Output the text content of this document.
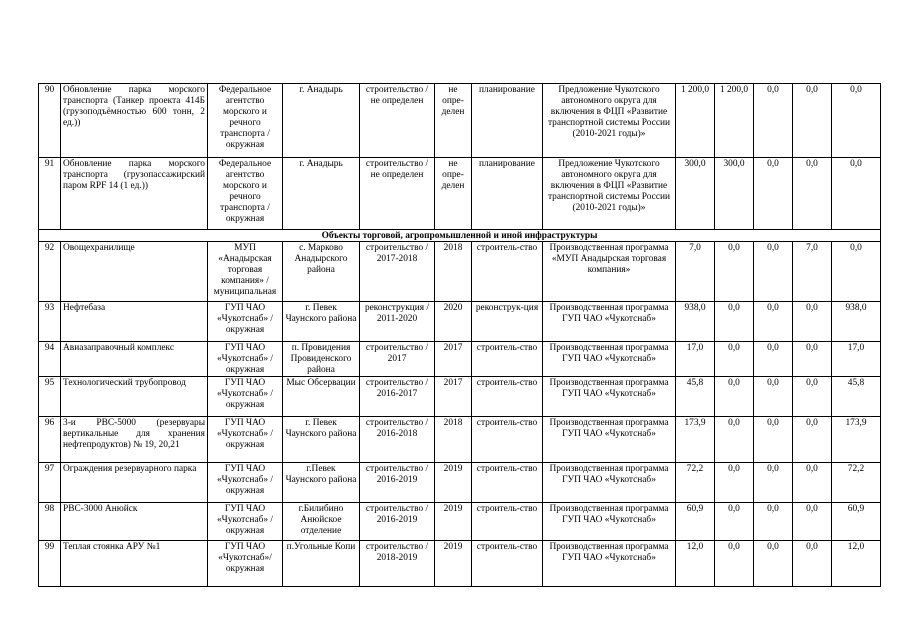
90	Обновление парка морского транспорта (Танкер проекта 414Б (грузоподъёмностью 600 тонн, 2 ед.))	Федеральное агентство морского и речного транспорта / окружная	г. Анадырь	строительство / не определен	не опре-делен	планирование	Предложение Чукотского автономного округа для включения в ФЦП «Развитие транспортной системы России (2010-2021 годы)»	1 200,0	1 200,0	0,0	0,0	0,0
91	Обновление парка морского транспорта (грузопассажирский паром RPF 14 (1 ед.))	Федеральное агентство морского и речного транспорта / окружная	г. Анадырь	строительство / не определен	не опре-делен	планирование	Предложение Чукотского автономного округа для включения в ФЦП «Развитие транспортной системы России (2010-2021 годы)»	300,0	300,0	0,0	0,0	0,0
Объекты торговой, агропромышленной и иной инфраструктуры												
92	Овощехранилище	МУП «Анадырская торговая компания» / муниципальная	с. Марково Анадырского района	строительство / 2017-2018	2018	строитель-ство	Производственная программа «МУП Анадырская торговая компания»	7,0	0,0	0,0	7,0	0,0
93	Нефтебаза	ГУП ЧАО «Чукотснаб» / окружная	г. Певек Чаунского района	реконструкция / 2011-2020	2020	реконструк-ция	Производственная программа ГУП ЧАО «Чукотснаб»	938,0	0,0	0,0	0,0	938,0
94	Авиазаправочный комплекс	ГУП ЧАО «Чукотснаб» / окружная	п. Провидения Провиденского района	строительство / 2017	2017	строитель-ство	Производственная программа ГУП ЧАО «Чукотснаб»	17,0	0,0	0,0	0,0	17,0
95	Технологический трубопровод	ГУП ЧАО «Чукотснаб» / окружная	Мыс Обсервации	строительство / 2016-2017	2017	строитель-ство	Производственная программа ГУП ЧАО «Чукотснаб»	45,8	0,0	0,0	0,0	45,8
96	3-и РВС-5000 (резервуары вертикальные для хранения нефтепродуктов) № 19, 20,21	ГУП ЧАО «Чукотснаб» / окружная	г. Певек Чаунского района	строительство / 2016-2018	2018	строитель-ство	Производственная программа ГУП ЧАО «Чукотснаб»	173,9	0,0	0,0	0,0	173,9
97	Ограждения резервуарного парка	ГУП ЧАО «Чукотснаб» / окружная	г.Певек Чаунского района	строительство / 2016-2019	2019	строитель-ство	Производственная программа ГУП ЧАО «Чукотснаб»	72,2	0,0	0,0	0,0	72,2
98	РВС-3000 Анюйск	ГУП ЧАО «Чукотснаб» / окружная	г.Билибино Анюйское отделение	строительство / 2016-2019	2019	строитель-ство	Производственная программа ГУП ЧАО «Чукотснаб»	60,9	0,0	0,0	0,0	60,9
99	Теплая стоянка АРУ №1	ГУП ЧАО «Чукотснаб»/ окружная	п.Угольные Копи	строительство / 2018-2019	2019	строитель-ство	Производственная программа ГУП ЧАО «Чукотснаб»	12,0	0,0	0,0	0,0	12,0
